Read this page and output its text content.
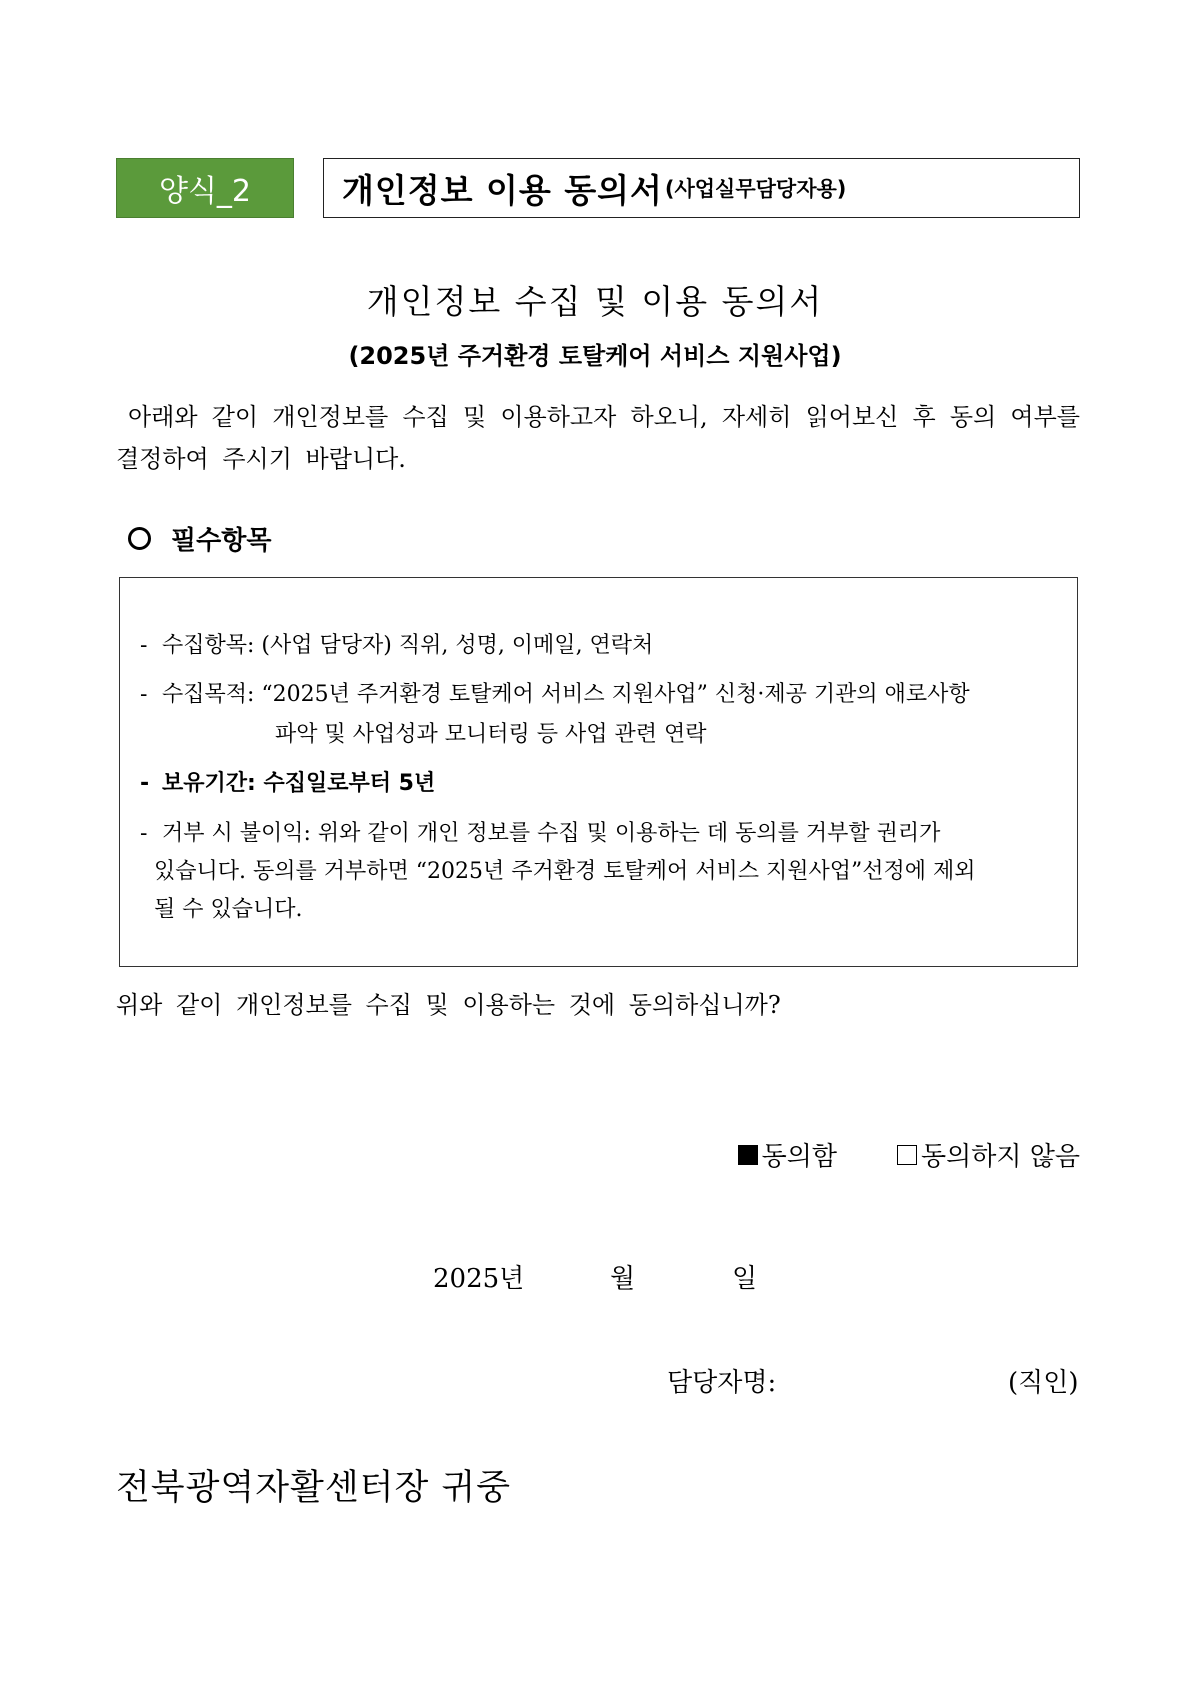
양식_2	개인정보 이용 동의서 (사업실무담당자용)
개인정보 수집 및 이용 동의서
(2025년 주거환경 토탈케어 서비스 지원사업)
아래와 같이 개인정보를 수집 및 이용하고자 하오니, 자세히 읽어보신 후 동의 여부를 결정하여 주시기 바랍니다.
필수항목
- 수집항목: (사업 담당자) 직위, 성명, 이메일, 연락처
- 수집목적: “2025년 주거환경 토탈케어 서비스 지원사업” 신청·제공 기관의 애로사항
파악 및 사업성과 모니터링 등 사업 관련 연락
- 보유기간: 수집일로부터 5년
- 거부 시 불이익: 위와 같이 개인 정보를 수집 및 이용하는 데 동의를 거부할 권리가
있습니다. 동의를 거부하면 “2025년 주거환경 토탈케어 서비스 지원사업”선정에 제외
될 수 있습니다.
위와 같이 개인정보를 수집 및 이용하는 것에 동의하십니까?
동의함	동의하지 않음
2025년	월	일
담당자명:	(직인)
전북광역자활센터장 귀중
